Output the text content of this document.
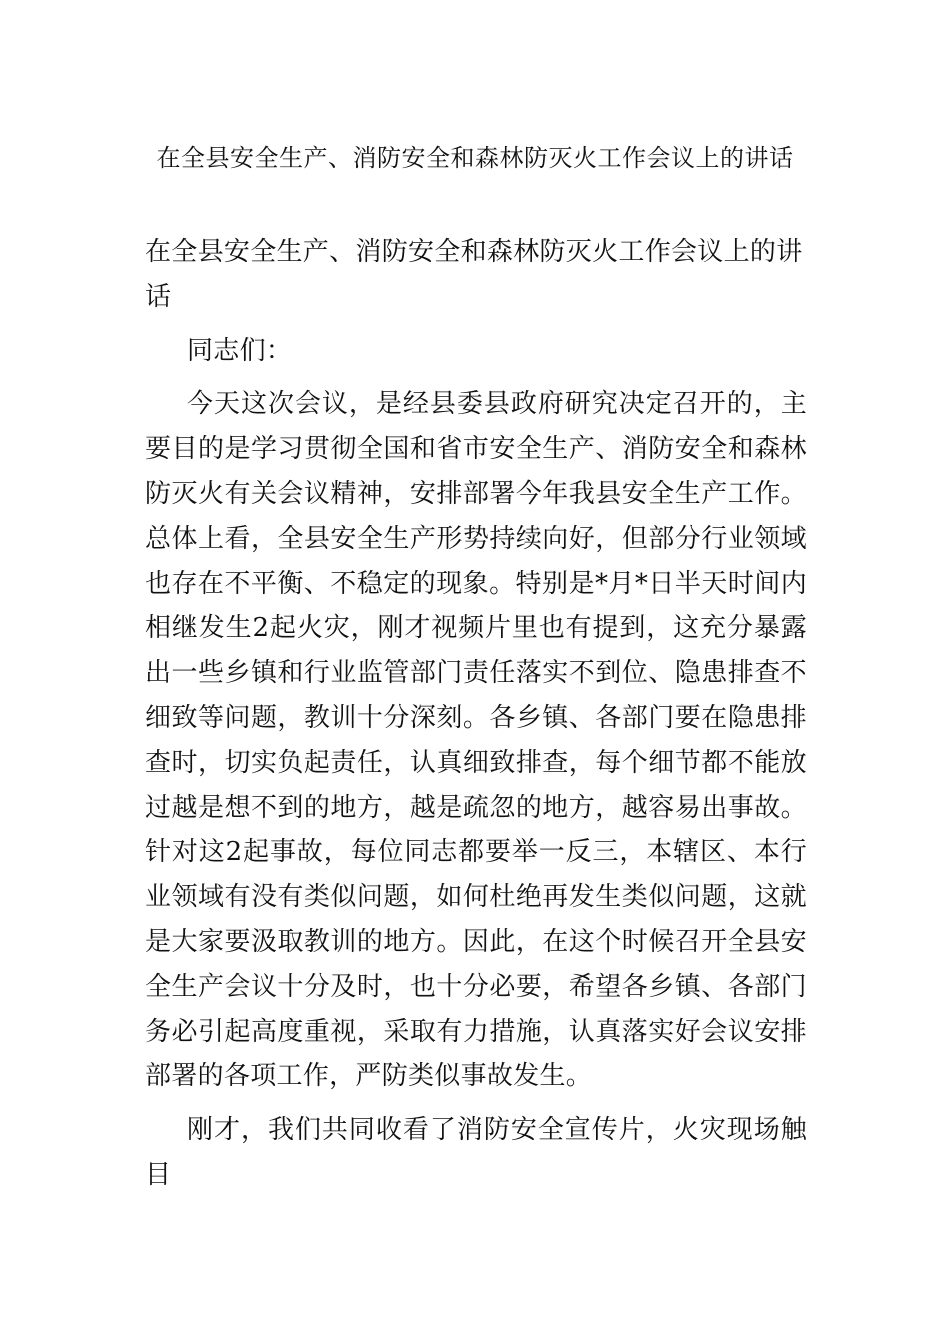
在全县安全生产、消防安全和森林防灭火工作会议上的讲话

在全县安全生产、消防安全和森林防灭火工作会议上的讲话

同志们：

今天这次会议，是经县委县政府研究决定召开的，主要目的是学习贯彻全国和省市安全生产、消防安全和森林防灭火有关会议精神，安排部署今年我县安全生产工作。总体上看，全县安全生产形势持续向好，但部分行业领域也存在不平衡、不稳定的现象。特别是*月*日半天时间内相继发生2起火灾，刚才视频片里也有提到，这充分暴露出一些乡镇和行业监管部门责任落实不到位、隐患排查不细致等问题，教训十分深刻。各乡镇、各部门要在隐患排查时，切实负起责任，认真细致排查，每个细节都不能放过越是想不到的地方，越是疏忽的地方，越容易出事故。针对这2起事故，每位同志都要举一反三，本辖区、本行业领域有没有类似问题，如何杜绝再发生类似问题，这就是大家要汲取教训的地方。因此，在这个时候召开全县安全生产会议十分及时，也十分必要，希望各乡镇、各部门务必引起高度重视，采取有力措施，认真落实好会议安排部署的各项工作，严防类似事故发生。

刚才，我们共同收看了消防安全宣传片，火灾现场触目
